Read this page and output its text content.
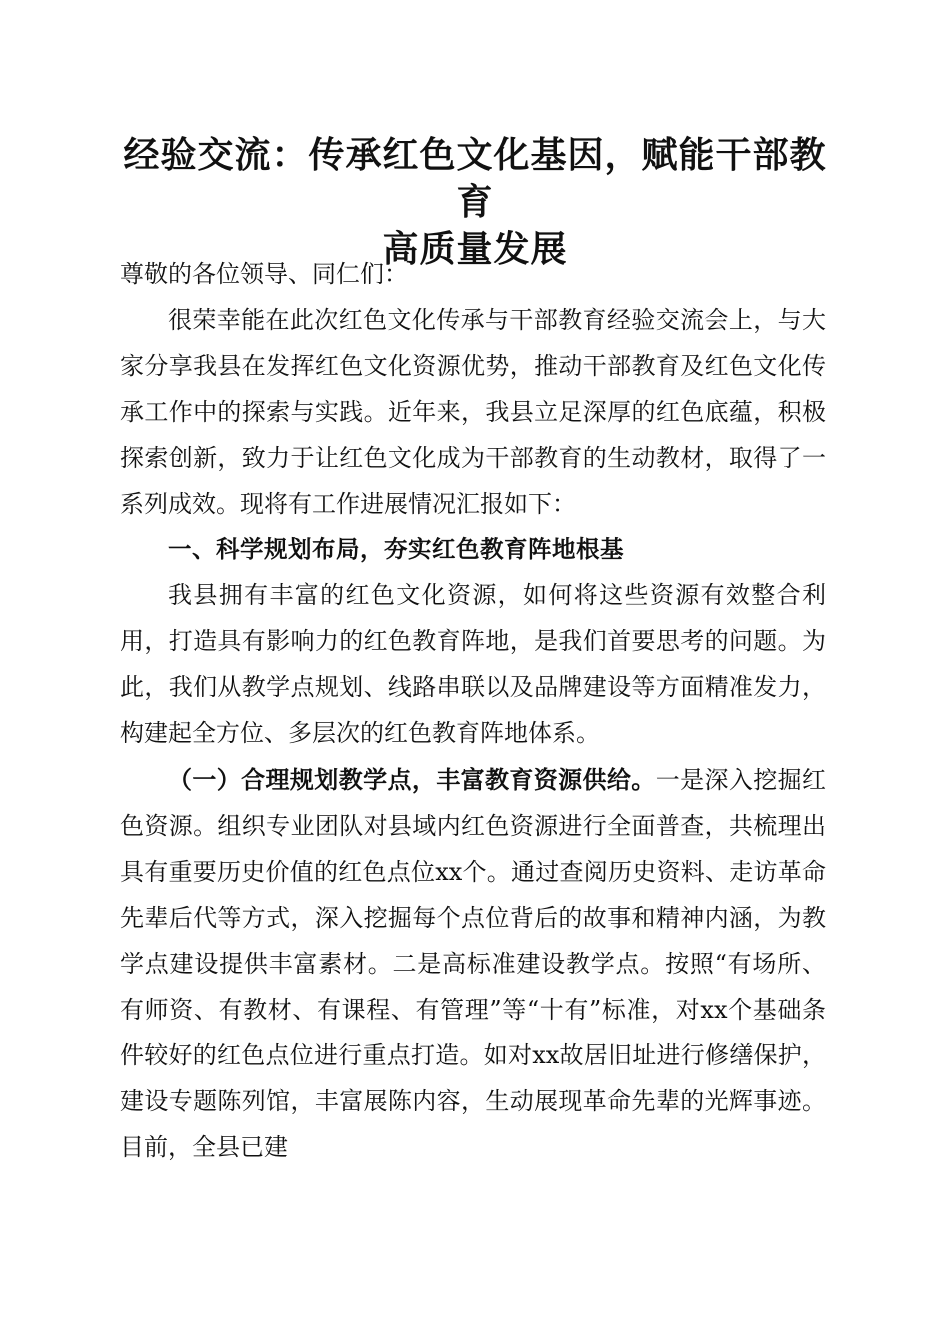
经验交流：传承红色文化基因，赋能干部教育
高质量发展

尊敬的各位领导、同仁们：

很荣幸能在此次红色文化传承与干部教育经验交流会上，与大家分享我县在发挥红色文化资源优势，推动干部教育及红色文化传承工作中的探索与实践。近年来，我县立足深厚的红色底蕴，积极探索创新，致力于让红色文化成为干部教育的生动教材，取得了一系列成效。现将有工作进展情况汇报如下：

一、科学规划布局，夯实红色教育阵地根基

我县拥有丰富的红色文化资源，如何将这些资源有效整合利用，打造具有影响力的红色教育阵地，是我们首要思考的问题。为此，我们从教学点规划、线路串联以及品牌建设等方面精准发力，构建起全方位、多层次的红色教育阵地体系。

（一）合理规划教学点，丰富教育资源供给。一是深入挖掘红色资源。组织专业团队对县域内红色资源进行全面普查，共梳理出具有重要历史价值的红色点位xx个。通过查阅历史资料、走访革命先辈后代等方式，深入挖掘每个点位背后的故事和精神内涵，为教学点建设提供丰富素材。二是高标准建设教学点。按照“有场所、有师资、有教材、有课程、有管理”等“十有”标准，对xx个基础条件较好的红色点位进行重点打造。如对xx故居旧址进行修缮保护，建设专题陈列馆，丰富展陈内容，生动展现革命先辈的光辉事迹。目前，全县已建
